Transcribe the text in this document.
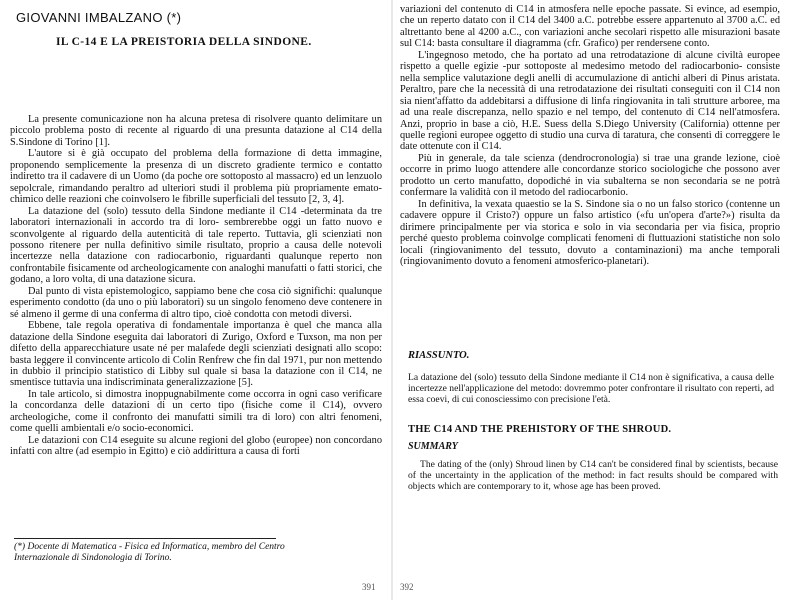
GIOVANNI IMBALZANO (*)
IL C-14 E LA PREISTORIA DELLA SINDONE.

La presente comunicazione non ha alcuna pretesa di risolvere quanto delimitare un piccolo problema posto di recente al riguardo di una presunta datazione al C14 della S.Sindone di Torino [1].

L'autore si è già occupato del problema della formazione di detta immagine, proponendo semplicemente la presenza di un discreto gradiente termico e contatto indiretto tra il cadavere di un Uomo (da poche ore sottoposto al massacro) ed un lenzuolo sepolcrale, rimandando peraltro ad ulteriori studi il problema più propriamente emato-chimico delle reazioni che coinvolsero le fibrille superficiali del tessuto [2, 3, 4].

La datazione del (solo) tessuto della Sindone mediante il C14 -determinata da tre laboratori internazionali in accordo tra di loro- sembrerebbe oggi un fatto nuovo e sconvolgente al riguardo della autenticità di tale reperto. Tuttavia, gli scienziati non possono ritenere per nulla definitivo simile risultato, proprio a causa delle notevoli incertezze nella datazione con radiocarbonio, riguardanti qualunque reperto non confrontabile fisicamente od archeologicamente con analoghi manufatti o fatti storici, che godano, a loro volta, di una datazione sicura.

Dal punto di vista epistemologico, sappiamo bene che cosa ciò significhi: qualunque esperimento condotto (da uno o più laboratori) su un singolo fenomeno deve contenere in sé almeno il germe di una conferma di altro tipo, cioè condotta con metodi diversi.

Ebbene, tale regola operativa di fondamentale importanza è quel che manca alla datazione della Sindone eseguita dai laboratori di Zurigo, Oxford e Tuxson, ma non per difetto della apparecchiature usate né per malafede degli scienziati designati allo scopo: basta leggere il convincente articolo di Colin Renfrew che fin dal 1971, pur non mettendo in dubbio il principio statistico di Libby sul quale si basa la datazione con il C14, ne smentisce tuttavia una indiscriminata generalizzazione [5].

In tale articolo, si dimostra inoppugnabilmente come occorra in ogni caso verificare la concordanza delle datazioni di un certo tipo (fisiche come il C14), ovvero archeologiche, come il confronto dei manufatti simili tra di loro) con altri fenomeni, come quelli ambientali e/o socio-economici.

Le datazioni con C14 eseguite su alcune regioni del globo (europee) non concordano infatti con altre (ad esempio in Egitto) e ciò addirittura a causa di forti

(*) Docente di Matematica - Fisica ed Informatica, membro del Centro Internazionale di Sindonologia di Torino.
391

variazioni del contenuto di C14 in atmosfera nelle epoche passate. Si evince, ad esempio, che un reperto datato con il C14 del 3400 a.C. potrebbe essere appartenuto al 3700 a.C. ed altrettanto bene al 4200 a.C., con variazioni anche secolari rispetto alle misurazioni basate sul C14: basta consultare il diagramma (cfr. Grafico) per rendersene conto.

L'ingegnoso metodo, che ha portato ad una retrodatazione di alcune civiltà europee rispetto a quelle egizie -pur sottoposte al medesimo metodo del radiocarbonio- consiste nella semplice valutazione degli anelli di accumulazione di antichi alberi di Pinus aristata. Peraltro, pare che la necessità di una retrodatazione dei risultati conseguiti con il C14 non sia nient'affatto da addebitarsi a diffusione di linfa ringiovanita in tali strutture arboree, ma ad una reale discrepanza, nello spazio e nel tempo, del contenuto di C14 nell'atmosfera. Anzi, proprio in base a ciò, H.E. Suess della S.Diego University (California) ottenne per quelle regioni europee oggetto di studio una curva di taratura, che consentì di correggere le date ottenute con il C14.

Più in generale, da tale scienza (dendrocronologia) si trae una grande lezione, cioè occorre in primo luogo attendere alle concordanze storico sociologiche che possono aver prodotto un certo manufatto, dopodiché in via subalterna se non secondaria se ne potrà confermare la validità con il metodo del radiocarbonio.

In definitiva, la vexata quaestio se la S. Sindone sia o no un falso storico (contenne un cadavere oppure il Cristo?) oppure un falso artistico («fu un'opera d'arte?») risulta da dirimere principalmente per via storica e solo in via secondaria per via fisica, proprio perché questo problema coinvolge complicati fenomeni di fluttuazioni statistiche non solo locali (ringiovanimento del tessuto, dovuto a contaminazioni) ma anche temporali (ringiovanimento dovuto a fenomeni atmosferico-planetari).

RIASSUNTO.
La datazione del (solo) tessuto della Sindone mediante il C14 non è significativa, a causa delle incertezze nell'applicazione del metodo: dovremmo poter confrontare il risultato con reperti, ad essa coevi, di cui conosciessimo con precisione l'età.
THE C14 AND THE PREHISTORY OF THE SHROUD.
SUMMARY
The dating of the (only) Shroud linen by C14 can't be considered final by scientists, because of the uncertainty in the application of the method: in fact results should be compared with objects which are contemporary to it, whose age has been proved.
392
